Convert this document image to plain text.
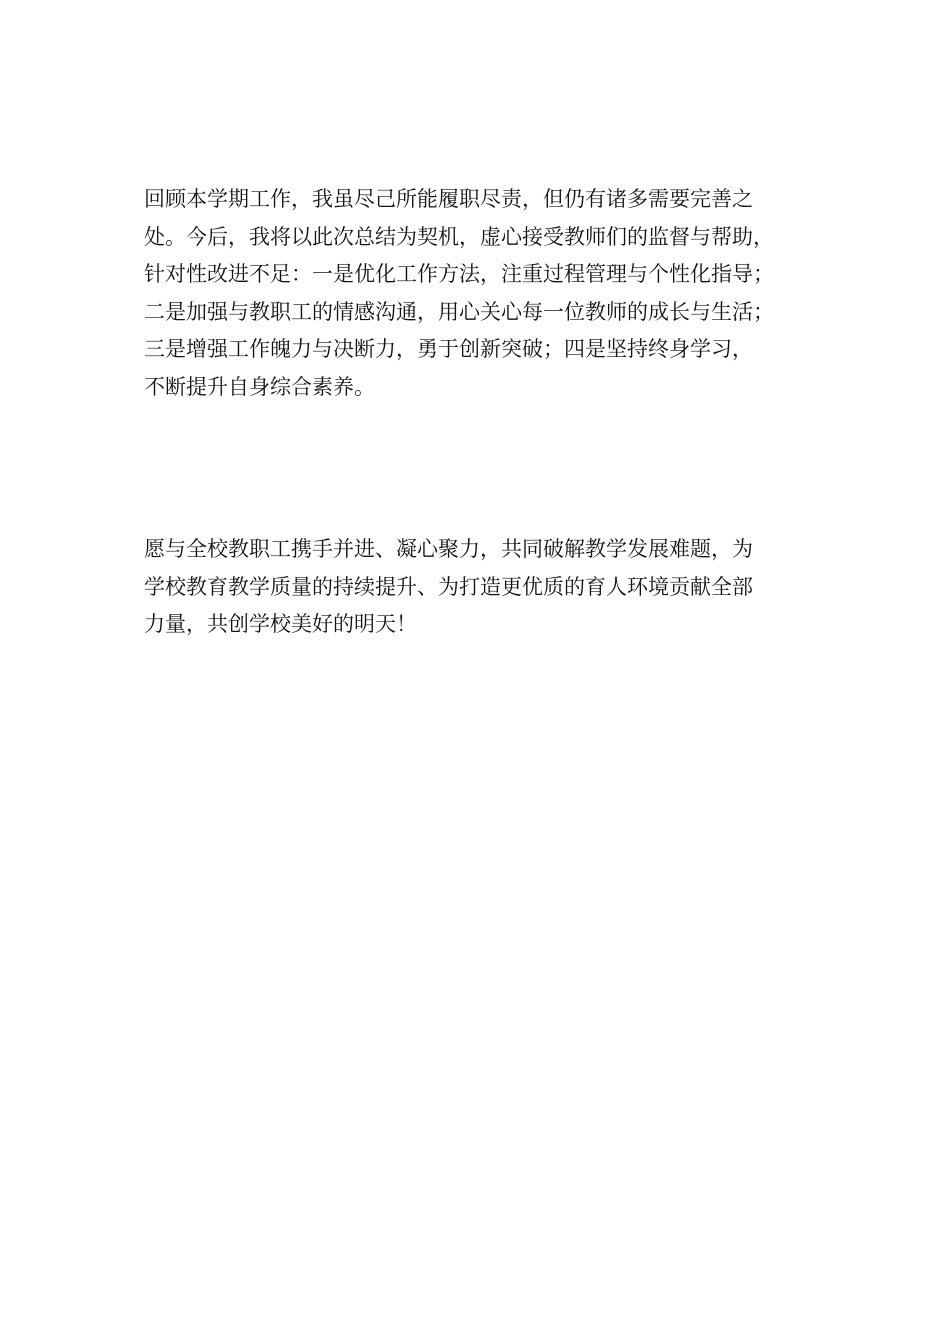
回顾本学期工作，我虽尽己所能履职尽责，但仍有诸多需要完善之
处。今后，我将以此次总结为契机，虚心接受教师们的监督与帮助，
针对性改进不足：一是优化工作方法，注重过程管理与个性化指导；
二是加强与教职工的情感沟通，用心关心每一位教师的成长与生活；
三是增强工作魄力与决断力，勇于创新突破；四是坚持终身学习，
不断提升自身综合素养。

愿与全校教职工携手并进、凝心聚力，共同破解教学发展难题，为
学校教育教学质量的持续提升、为打造更优质的育人环境贡献全部
力量，共创学校美好的明天！
